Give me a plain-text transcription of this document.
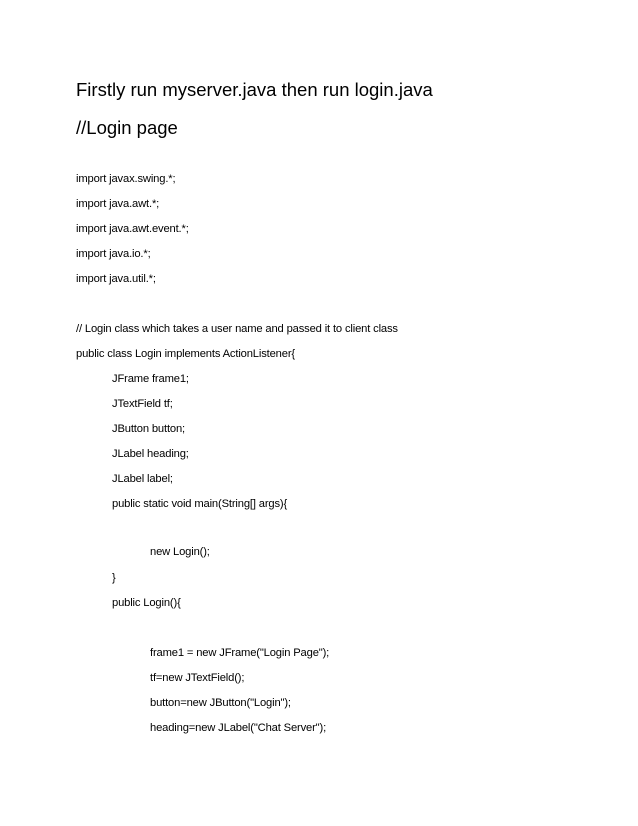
Firstly run myserver.java then run login.java
//Login page
import javax.swing.*;
import java.awt.*;
import java.awt.event.*;
import java.io.*;
import java.util.*;
// Login class which takes a user name and passed it to client class
public class Login implements ActionListener{
JFrame frame1;
JTextField tf;
JButton button;
JLabel heading;
JLabel label;
public static void main(String[] args){
new Login();
}
public Login(){
frame1 = new JFrame("Login Page");
tf=new JTextField();
button=new JButton("Login");
heading=new JLabel("Chat Server");
